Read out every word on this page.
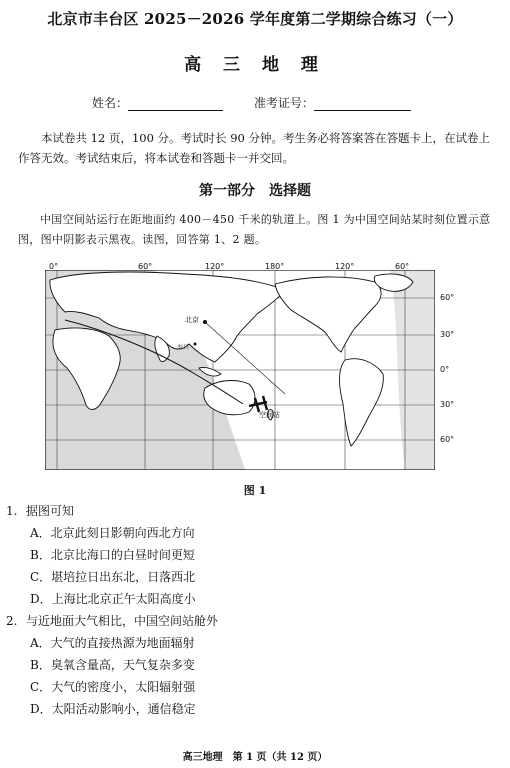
北京市丰台区 2025－2026 学年度第二学期综合练习（一）
高 三 地 理
姓名：	准考证号：
本试卷共 12 页，100 分。考试时长 90 分钟。考生务必将答案答在答题卡上，在试卷上作答无效。考试结束后，将本试卷和答题卡一并交回。
第一部分　选择题
中国空间站运行在距地面约 400－450 千米的轨道上。图 1 为中国空间站某时刻位置示意图，图中阴影表示黑夜。读图，回答第 1、2 题。
北京
海口
空间站
0°	60°	120°	180°	120°	60°
60°
30°
0°
30°
60°
图 1
1. 据图可知
A．北京此刻日影朝向西北方向
B．北京比海口的白昼时间更短
C．堪培拉日出东北，日落西北
D．上海比北京正午太阳高度小
2. 与近地面大气相比，中国空间站舱外
A．大气的直接热源为地面辐射
B．臭氧含量高，天气复杂多变
C．大气的密度小，太阳辐射强
D．太阳活动影响小，通信稳定
高三地理　第 1 页（共 12 页）
